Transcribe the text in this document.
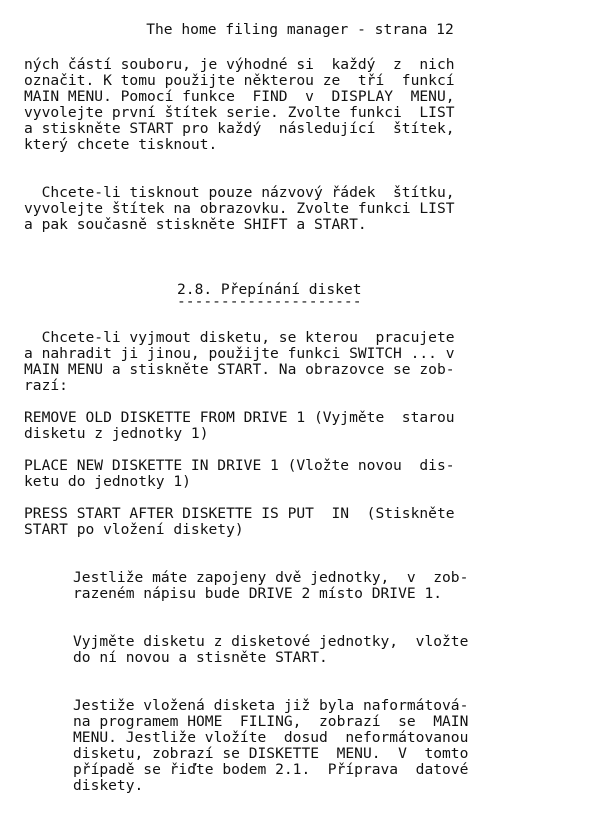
The home filing manager - strana 12

ných částí souboru, je výhodné si  každý  z  nich

označit. K tomu použijte některou ze  tří  funkcí

MAIN MENU. Pomocí funkce  FIND  v  DISPLAY  MENU,

vyvolejte první štítek serie. Zvolte funkci  LIST

a stiskněte START pro každý  následující  štítek,

který chcete tisknout.

Chcete-li tisknout pouze názvový řádek  štítku,

vyvolejte štítek na obrazovku. Zvolte funkci LIST

a pak současně stiskněte SHIFT a START.

2.8. Přepínání disket

---------------------

Chcete-li vyjmout disketu, se kterou  pracujete

a nahradit ji jinou, použijte funkci SWITCH ... v

MAIN MENU a stiskněte START. Na obrazovce se zob-

razí:

REMOVE OLD DISKETTE FROM DRIVE 1 (Vyjměte  starou

disketu z jednotky 1)

PLACE NEW DISKETTE IN DRIVE 1 (Vložte novou  dis-

ketu do jednotky 1)

PRESS START AFTER DISKETTE IS PUT  IN  (Stiskněte

START po vložení diskety)

Jestliže máte zapojeny dvě jednotky,  v  zob-

razeném nápisu bude DRIVE 2 místo DRIVE 1.

Vyjměte disketu z disketové jednotky,  vložte

do ní novou a stisněte START.

Jestiže vložená disketa již byla naformátová-

na programem HOME  FILING,  zobrazí  se  MAIN

MENU. Jestliže vložíte  dosud  neformátovanou

disketu, zobrazí se DISKETTE  MENU.  V  tomto

případě se řiďte bodem 2.1.  Příprava  datové

diskety.
